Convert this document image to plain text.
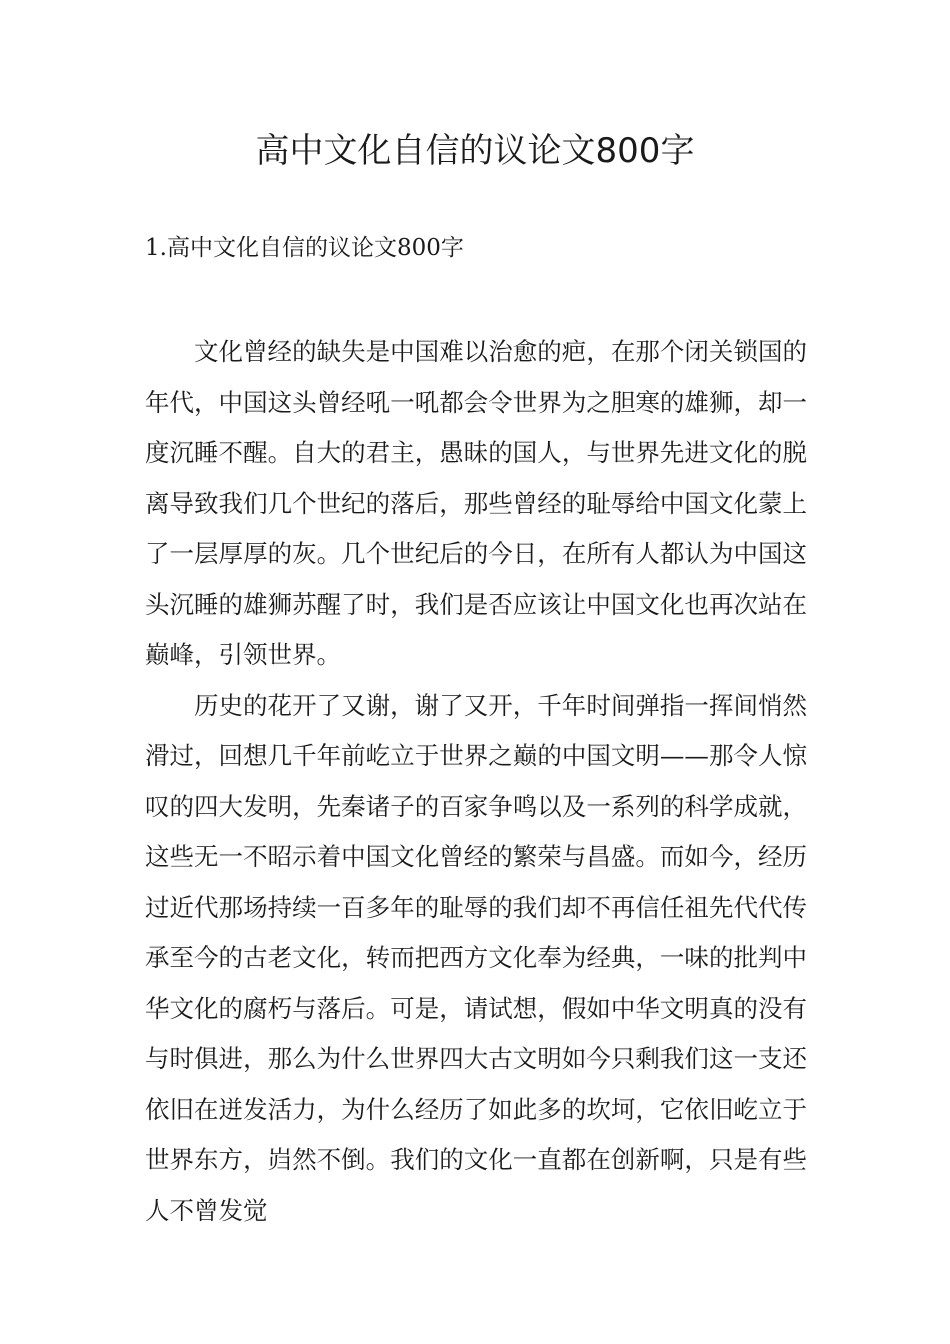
高中文化自信的议论文800字
1.高中文化自信的议论文800字

文化曾经的缺失是中国难以治愈的疤，在那个闭关锁国的年代，中国这头曾经吼一吼都会令世界为之胆寒的雄狮，却一度沉睡不醒。自大的君主，愚昧的国人，与世界先进文化的脱离导致我们几个世纪的落后，那些曾经的耻辱给中国文化蒙上了一层厚厚的灰。几个世纪后的今日，在所有人都认为中国这头沉睡的雄狮苏醒了时，我们是否应该让中国文化也再次站在巅峰，引领世界。

历史的花开了又谢，谢了又开，千年时间弹指一挥间悄然滑过，回想几千年前屹立于世界之巅的中国文明——那令人惊叹的四大发明，先秦诸子的百家争鸣以及一系列的科学成就，这些无一不昭示着中国文化曾经的繁荣与昌盛。而如今，经历过近代那场持续一百多年的耻辱的我们却不再信任祖先代代传承至今的古老文化，转而把西方文化奉为经典，一味的批判中华文化的腐朽与落后。可是，请试想，假如中华文明真的没有与时俱进，那么为什么世界四大古文明如今只剩我们这一支还依旧在迸发活力，为什么经历了如此多的坎坷，它依旧屹立于世界东方，岿然不倒。我们的文化一直都在创新啊，只是有些人不曾发觉
